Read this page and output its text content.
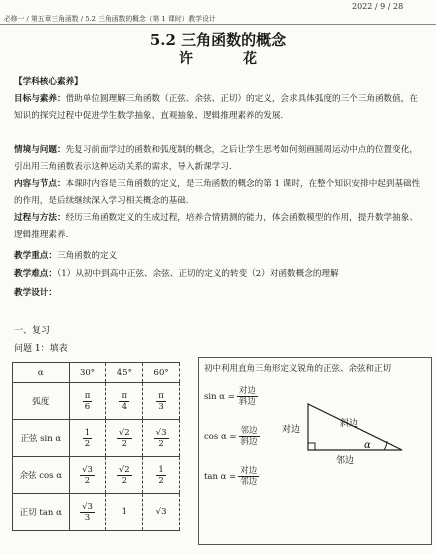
2022 / 9 / 28
必修一 / 第五章三角函数 / 5.2 三角函数的概念（第 1 课时）教学设计
5.2 三角函数的概念
许　花
【学科核心素养】
目标与素养：借助单位圆理解三角函数（正弦、余弦、正切）的定义，会求具体弧度的三个三角函数值，在知识的探究过程中促进学生数学抽象、直观抽象、逻辑推理素养的发展.
情境与问题：先复习前面学过的函数和弧度制的概念，之后让学生思考如何刻画圆周运动中点的位置变化，引出用三角函数表示这种运动关系的需求，导入新课学习.
内容与节点：本课时内容是三角函数的定义，是三角函数的概念的第 1 课时，在整个知识安排中起到基础性的作用，是后续继续深入学习相关概念的基础.
过程与方法：经历三角函数定义的生成过程，培养合情猜测的能力，体会函数模型的作用，提升数学抽象、逻辑推理素养.
教学重点：三角函数的定义
教学难点：（1）从初中到高中正弦、余弦、正切的定义的转变（2）对函数概念的理解
教学设计：
一、复习
问题 1：填表
α	30°	45°	60°
弧度	$\frac{\pi}{6}$	$\frac{\pi}{4}$	$\frac{\pi}{3}$

正弦 sin α	$\frac{1}{2}$	$\frac{√2}{2}$	$\frac{√3}{2}$

余弦 cos α	$\frac{√3}{2}$	$\frac{√2}{2}$	$\frac{1}{2}$

正切 tan α	$\frac{√3}{3}$	1	√3
初中利用直角三角形定义锐角的正弦、余弦和正切
$\sin \alpha = \frac{\text{对边}}{\text{斜边}}$
$\cos \alpha = \frac{\text{邻边}}{\text{斜边}}$
$\tan \alpha = \frac{\text{对边}}{\text{邻边}}$
斜边
对边
邻边
α
